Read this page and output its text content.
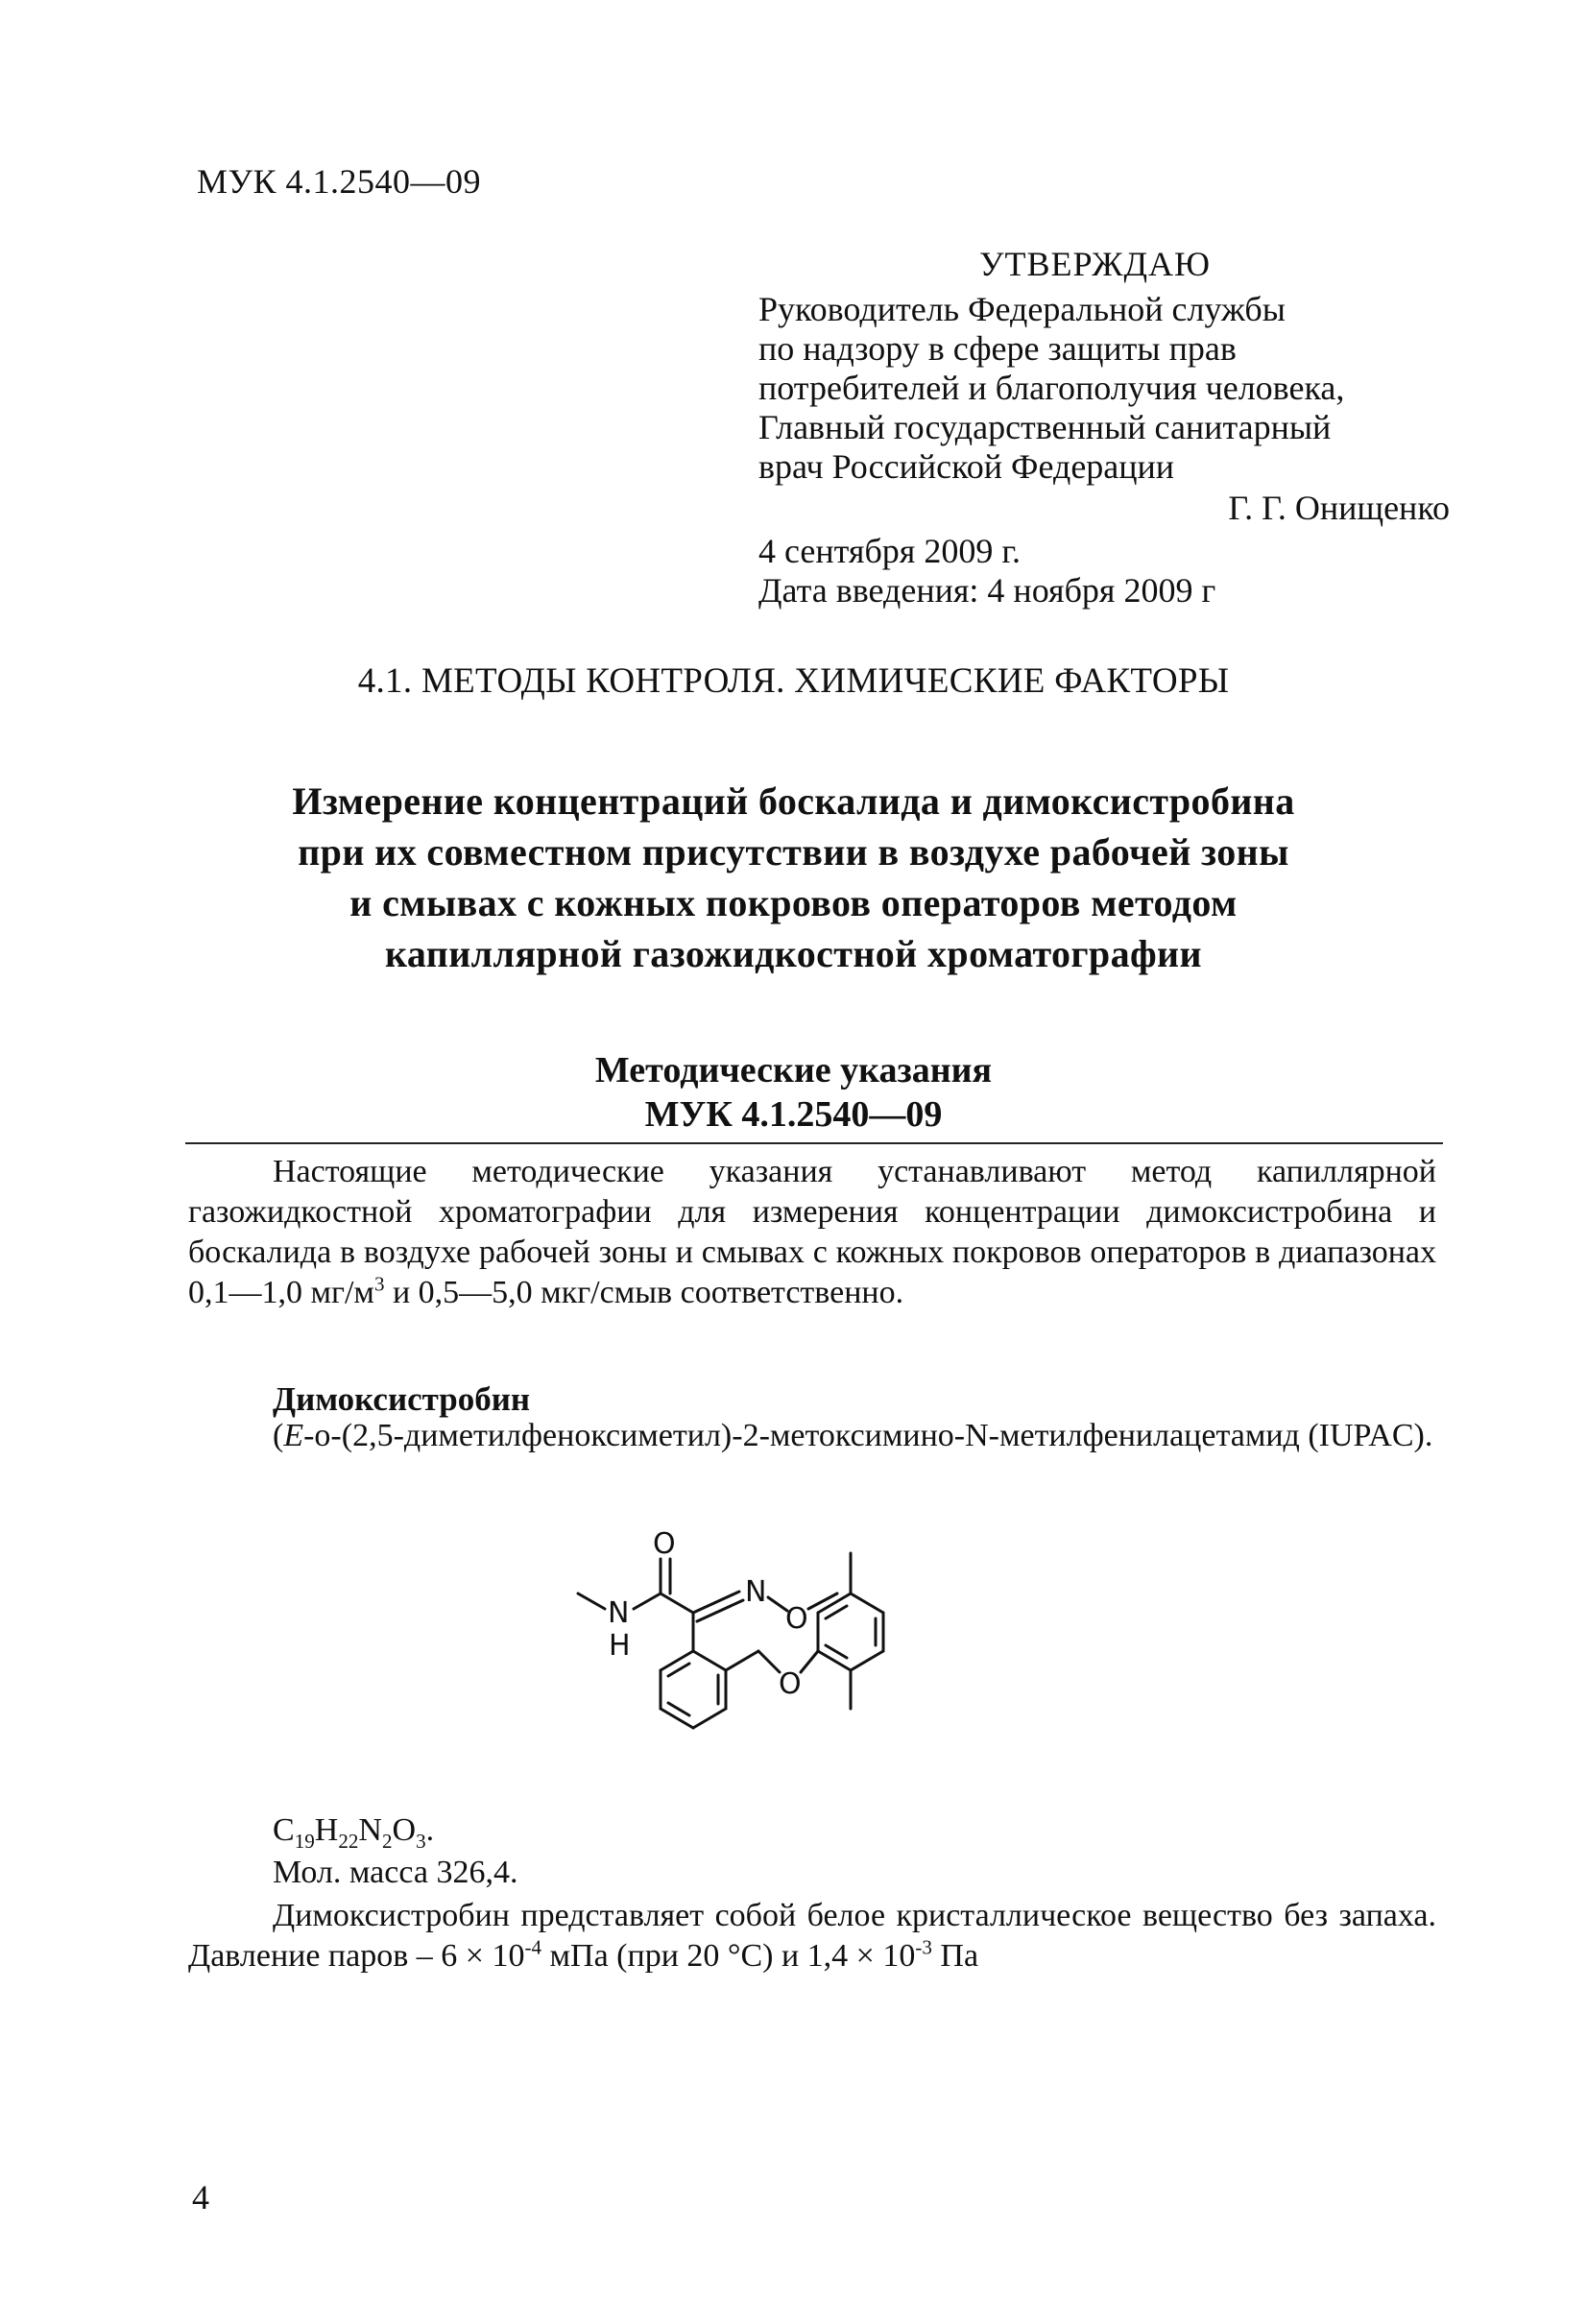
МУК 4.1.2540—09
УТВЕРЖДАЮ
Руководитель Федеральной службы
по надзору в сфере защиты прав
потребителей и благополучия человека,
Главный государственный санитарный
врач Российской Федерации
Г. Г. Онищенко
4 сентября 2009 г.
Дата введения: 4 ноября 2009 г
4.1. МЕТОДЫ КОНТРОЛЯ. ХИМИЧЕСКИЕ ФАКТОРЫ
Измерение концентраций боскалида и димоксистробина
при их совместном присутствии в воздухе рабочей зоны
и смывах с кожных покровов операторов методом
капиллярной газожидкостной хроматографии
Методические указания
МУК 4.1.2540—09

Настоящие методические указания устанавливают метод капиллярной газожидкостной хроматографии для измерения концентрации димоксистробина и боскалида в воздухе рабочей зоны и смывах с кожных покровов операторов в диапазонах 0,1—1,0 $мг/м^3$ и 0,5—5,0 мкг/смыв соответственно.

Димоксистробин

(E-о-(2,5-диметилфеноксиметил)-2-метоксимино-N-метилфенилацетамид (IUPAC).

O
N
H
N
O
O
$C_{19}H_{22}N_2O_3$.
Мол. масса 326,4.

Димоксистробин представляет собой белое кристаллическое вещество без запаха. Давление паров – $6 \times 10^{-4}$ мПа (при 20 °С) и $1,4 \times 10^{-3}$ Па

4
